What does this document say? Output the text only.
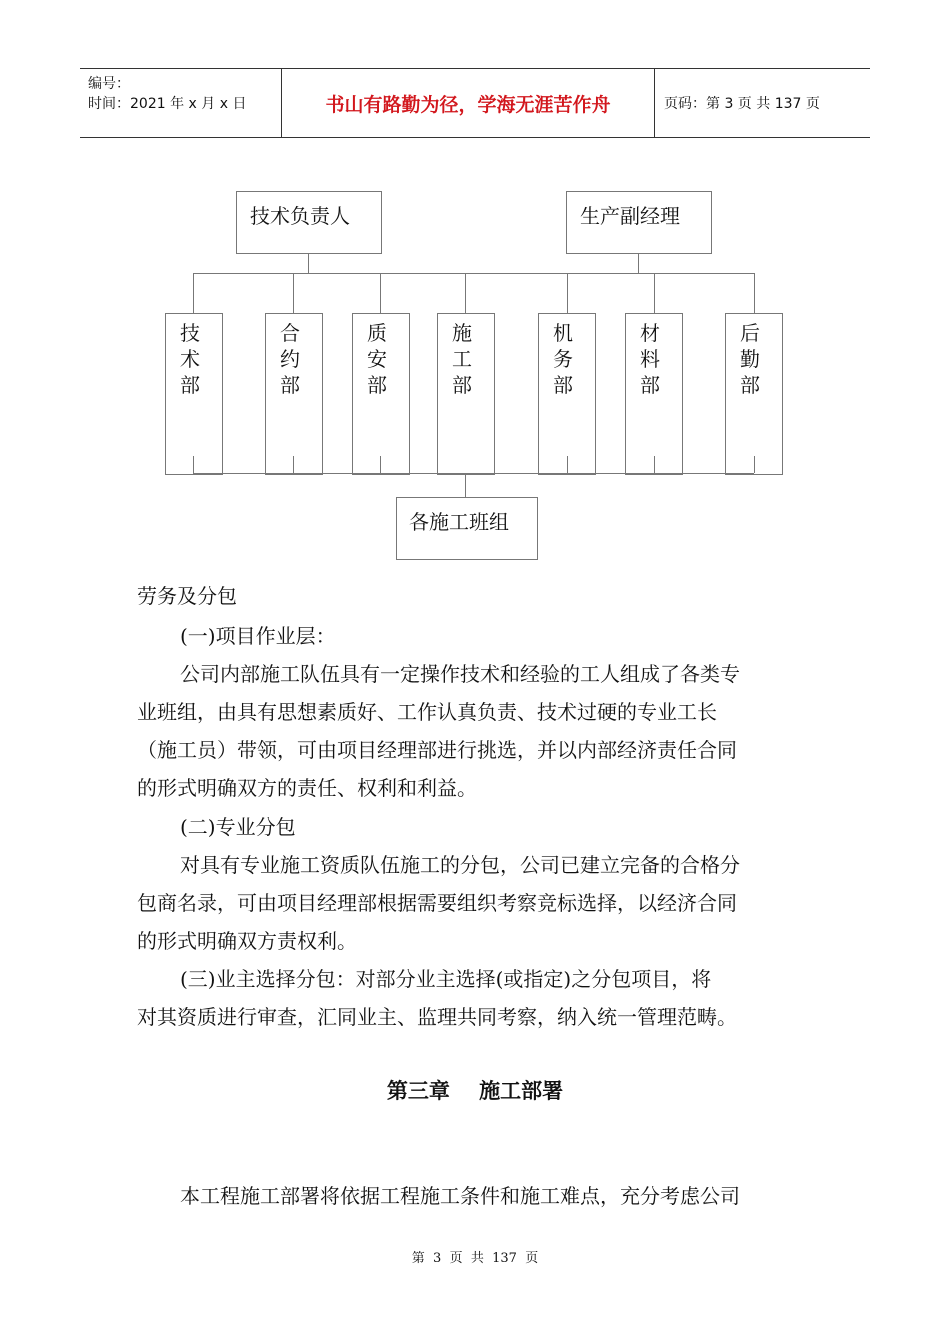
编号：
时间：2021 年 x 月 x 日	书山有路勤为径，学海无涯苦作舟	页码：第 3 页 共 137 页
技术负责人	生产副经理
技术部
合约部
质安部
施工部
机务部
材料部
后勤部
各施工班组
劳务及分包
(一)项目作业层：
公司内部施工队伍具有一定操作技术和经验的工人组成了各类专
业班组，由具有思想素质好、工作认真负责、技术过硬的专业工长
（施工员）带领，可由项目经理部进行挑选，并以内部经济责任合同
的形式明确双方的责任、权利和利益。
(二)专业分包
对具有专业施工资质队伍施工的分包，公司已建立完备的合格分
包商名录，可由项目经理部根据需要组织考察竞标选择，以经济合同
的形式明确双方责权利。
(三)业主选择分包：对部分业主选择(或指定)之分包项目，将
对其资质进行审查，汇同业主、监理共同考察，纳入统一管理范畴。
第三章    施工部署
本工程施工部署将依据工程施工条件和施工难点，充分考虑公司
第  3  页  共  137  页
